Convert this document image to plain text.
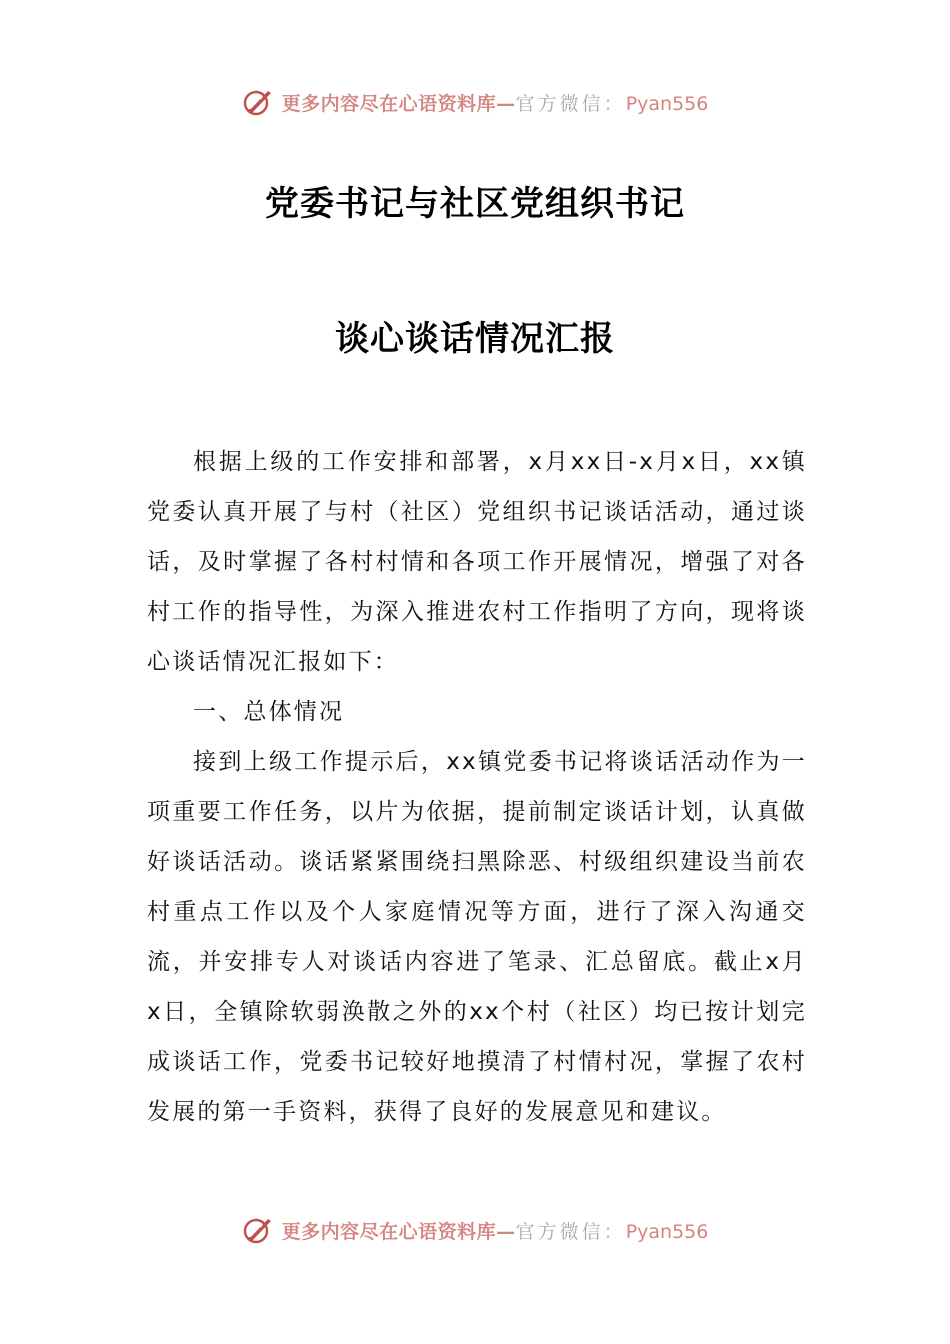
更多内容尽在心语资料库—官方微信：Pyan556
党委书记与社区党组织书记
谈心谈话情况汇报

根据上级的工作安排和部署，x月xx日-x月x日，xx镇党委认真开展了与村（社区）党组织书记谈话活动，通过谈话，及时掌握了各村村情和各项工作开展情况，增强了对各村工作的指导性，为深入推进农村工作指明了方向，现将谈心谈话情况汇报如下：

一、总体情况

接到上级工作提示后，xx镇党委书记将谈话活动作为一项重要工作任务，以片为依据，提前制定谈话计划，认真做好谈话活动。谈话紧紧围绕扫黑除恶、村级组织建设当前农村重点工作以及个人家庭情况等方面，进行了深入沟通交流，并安排专人对谈话内容进了笔录、汇总留底。截止x月x日，全镇除软弱涣散之外的xx个村（社区）均已按计划完成谈话工作，党委书记较好地摸清了村情村况，掌握了农村发展的第一手资料，获得了良好的发展意见和建议。

更多内容尽在心语资料库—官方微信：Pyan556
